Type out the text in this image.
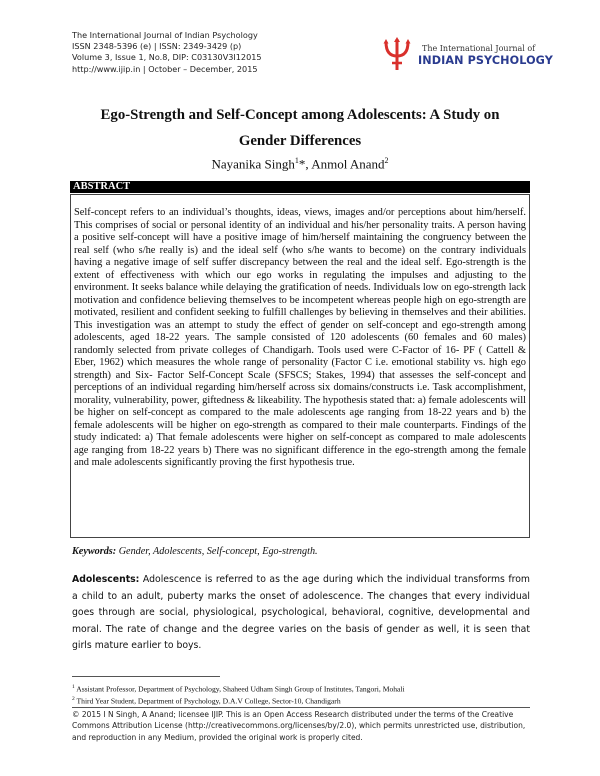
The International Journal of Indian Psychology
ISSN 2348-5396 (e) | ISSN: 2349-3429 (p)
Volume 3, Issue 1, No.8, DIP: C03130V3I12015
http://www.ijip.in | October – December, 2015
The International Journal of
INDIAN PSYCHOLOGY
Ego-Strength and Self-Concept among Adolescents: A Study on
Gender Differences
Nayanika Singh$^1$*, Anmol Anand$^2$
ABSTRACT

Self-concept refers to an individual’s thoughts, ideas, views, images and/or perceptions about him/herself. This comprises of social or personal identity of an individual and his/her personality traits. A person having a positive self-concept will have a positive image of him/herself maintaining the congruency between the real self (who s/he really is) and the ideal self (who s/he wants to become) on the contrary individuals having a negative image of self suffer discrepancy between the real and the ideal self. Ego-strength is the extent of effectiveness with which our ego works in regulating the impulses and adjusting to the environment. It seeks balance while delaying the gratification of needs. Individuals low on ego-strength lack motivation and confidence believing themselves to be incompetent whereas people high on ego-strength are motivated, resilient and confident seeking to fulfill challenges by believing in themselves and their abilities. This investigation was an attempt to study the effect of gender on self-concept and ego-strength among adolescents, aged 18-22 years. The sample consisted of 120 adolescents (60 females and 60 males) randomly selected from private colleges of Chandigarh. Tools used were C-Factor of 16- PF ( Cattell & Eber, 1962) which measures the whole range of personality (Factor C i.e. emotional stability vs. high ego strength) and Six- Factor Self-Concept Scale (SFSCS; Stakes, 1994) that assesses the self-concept and perceptions of an individual regarding him/herself across six domains/constructs i.e. Task accomplishment, morality, vulnerability, power, giftedness & likeability. The hypothesis stated that: a) female adolescents will be higher on self-concept as compared to the male adolescents age ranging from 18-22 years and b) the female adolescents will be higher on ego-strength as compared to their male counterparts. Findings of the study indicated: a) That female adolescents were higher on self-concept as compared to male adolescents age ranging from 18-22 years b) There was no significant difference in the ego-strength among the female and male adolescents significantly proving the first hypothesis true.

Keywords: Gender, Adolescents, Self-concept, Ego-strength.

Adolescents: Adolescence is referred to as the age during which the individual transforms from a child to an adult, puberty marks the onset of adolescence. The changes that every individual goes through are social, physiological, psychological, behavioral, cognitive, developmental and moral. The rate of change and the degree varies on the basis of gender as well, it is seen that girls mature earlier to boys.

$^1$ Assistant Professor, Department of Psychology, Shaheed Udham Singh Group of Institutes, Tangori, Mohali
$^2$ Third Year Student, Department of Psychology, D.A.V College, Sector-10, Chandigarh

© 2015 I N Singh, A Anand; licensee IJIP. This is an Open Access Research distributed under the terms of the Creative Commons Attribution License (http://creativecommons.org/licenses/by/2.0), which permits unrestricted use, distribution, and reproduction in any Medium, provided the original work is properly cited.
